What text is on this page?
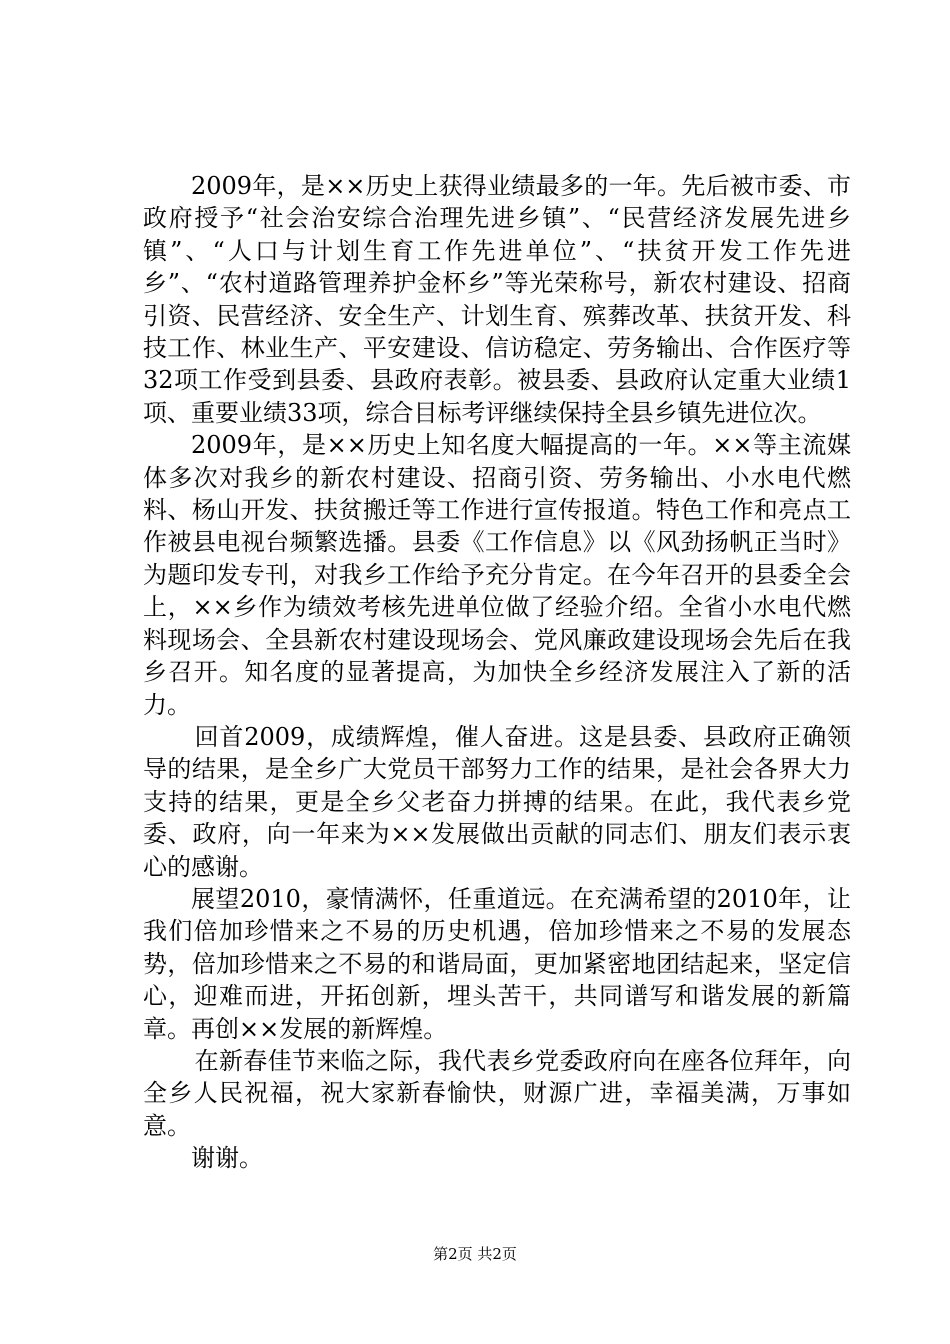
2009年，是××历史上获得业绩最多的一年。先后被市委、市政府授予“社会治安综合治理先进乡镇”、“民营经济发展先进乡镇”、“人口与计划生育工作先进单位”、“扶贫开发工作先进乡”、“农村道路管理养护金杯乡”等光荣称号，新农村建设、招商引资、民营经济、安全生产、计划生育、殡葬改革、扶贫开发、科技工作、林业生产、平安建设、信访稳定、劳务输出、合作医疗等32项工作受到县委、县政府表彰。被县委、县政府认定重大业绩1项、重要业绩33项，综合目标考评继续保持全县乡镇先进位次。

2009年，是××历史上知名度大幅提高的一年。××等主流媒体多次对我乡的新农村建设、招商引资、劳务输出、小水电代燃料、杨山开发、扶贫搬迁等工作进行宣传报道。特色工作和亮点工作被县电视台频繁选播。县委《工作信息》以《风劲扬帆正当时》为题印发专刊，对我乡工作给予充分肯定。在今年召开的县委全会上，××乡作为绩效考核先进单位做了经验介绍。全省小水电代燃料现场会、全县新农村建设现场会、党风廉政建设现场会先后在我乡召开。知名度的显著提高，为加快全乡经济发展注入了新的活力。

回首2009，成绩辉煌，催人奋进。这是县委、县政府正确领导的结果，是全乡广大党员干部努力工作的结果，是社会各界大力支持的结果，更是全乡父老奋力拼搏的结果。在此，我代表乡党委、政府，向一年来为××发展做出贡献的同志们、朋友们表示衷心的感谢。

展望2010，豪情满怀，任重道远。在充满希望的2010年，让我们倍加珍惜来之不易的历史机遇，倍加珍惜来之不易的发展态势，倍加珍惜来之不易的和谐局面，更加紧密地团结起来，坚定信心，迎难而进，开拓创新，埋头苦干，共同谱写和谐发展的新篇章。再创××发展的新辉煌。

在新春佳节来临之际，我代表乡党委政府向在座各位拜年，向全乡人民祝福，祝大家新春愉快，财源广进，幸福美满，万事如意。

谢谢。

第2页 共2页
